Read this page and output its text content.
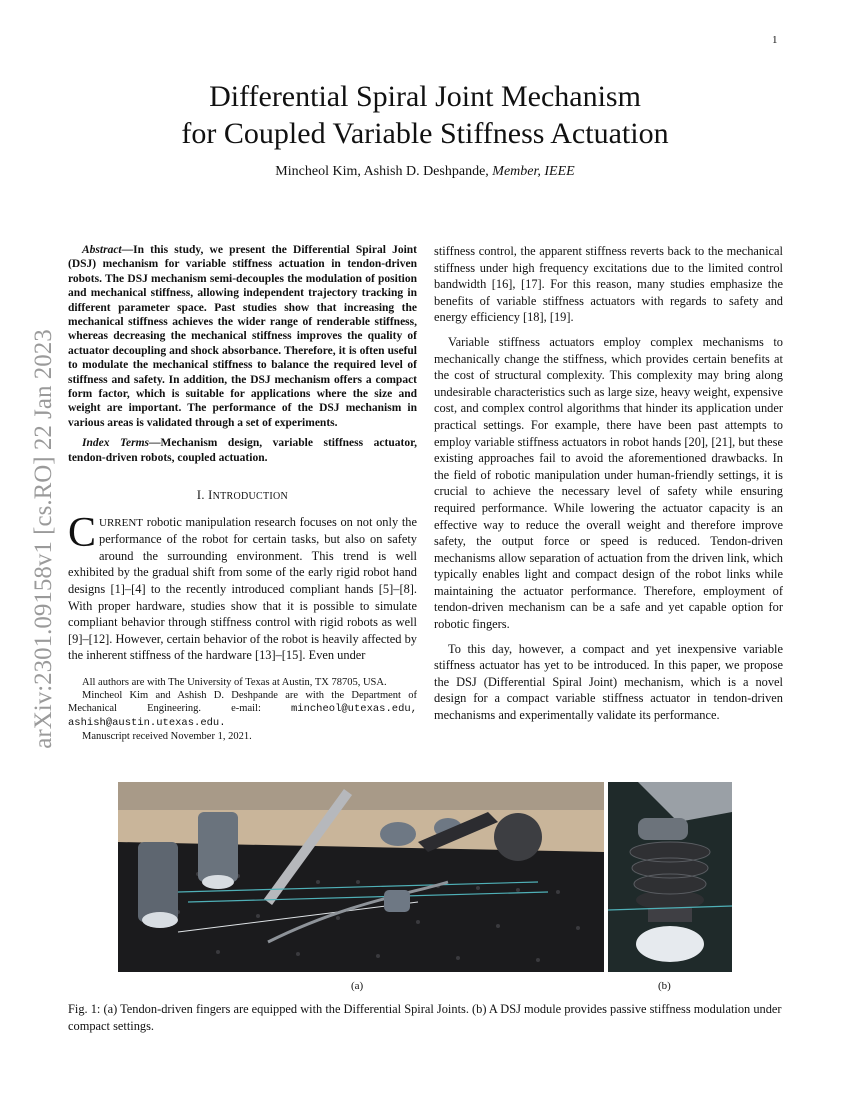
1
arXiv:2301.09158v1 [cs.RO] 22 Jan 2023
Differential Spiral Joint Mechanism
for Coupled Variable Stiffness Actuation
Mincheol Kim, Ashish D. Deshpande, Member, IEEE

Abstract—In this study, we present the Differential Spiral Joint (DSJ) mechanism for variable stiffness actuation in tendon-driven robots. The DSJ mechanism semi-decouples the modulation of position and mechanical stiffness, allowing independent trajectory tracking in different parameter space. Past studies show that increasing the mechanical stiffness achieves the wider range of renderable stiffness, whereas decreasing the mechanical stiffness improves the quality of actuator decoupling and shock absorbance. Therefore, it is often useful to modulate the mechanical stiffness to balance the required level of stiffness and safety. In addition, the DSJ mechanism offers a compact form factor, which is suitable for applications where the size and weight are important. The performance of the DSJ mechanism in various areas is validated through a set of experiments.

Index Terms—Mechanism design, variable stiffness actuator, tendon-driven robots, coupled actuation.

I. INTRODUCTION

CURRENT robotic manipulation research focuses on not only the performance of the robot for certain tasks, but also on safety around the surrounding environment. This trend is well exhibited by the gradual shift from some of the early rigid robot hand designs [1]–[4] to the recently introduced compliant hands [5]–[8]. With proper hardware, studies show that it is possible to simulate compliant behavior through stiffness control with rigid robots as well [9]–[12]. However, certain behavior of the robot is heavily affected by the inherent stiffness of the hardware [13]–[15]. Even under

All authors are with The University of Texas at Austin, TX 78705, USA.

Mincheol Kim and Ashish D. Deshpande are with the Department of Mechanical Engineering. e-mail:	mincheol@utexas.edu, ashish@austin.utexas.edu.

Manuscript received November 1, 2021.

stiffness control, the apparent stiffness reverts back to the mechanical stiffness under high frequency excitations due to the limited control bandwidth [16], [17]. For this reason, many studies emphasize the benefits of variable stiffness actuators with regards to safety and energy efficiency [18], [19].

Variable stiffness actuators employ complex mechanisms to mechanically change the stiffness, which provides certain benefits at the cost of structural complexity. This complexity may bring along undesirable characteristics such as large size, heavy weight, expensive cost, and complex control algorithms that hinder its application under practical settings. For example, there have been past attempts to employ variable stiffness actuators in robot hands [20], [21], but these existing approaches fail to avoid the aforementioned drawbacks. In the field of robotic manipulation under human-friendly settings, it is crucial to achieve the necessary level of safety while ensuring required performance. While lowering the actuator capacity is an effective way to reduce the overall weight and therefore improve safety, the output force or speed is reduced. Tendon-driven mechanisms allow separation of actuation from the driven link, which typically enables light and compact design of the robot links while maintaining the actuator performance. Therefore, employment of tendon-driven mechanism can be a safe and yet capable option for robotic fingers.

To this day, however, a compact and yet inexpensive variable stiffness actuator has yet to be introduced. In this paper, we propose the DSJ (Differential Spiral Joint) mechanism, which is a novel design for a compact variable stiffness actuator in tendon-driven mechanisms and experimentally validate its performance.

(a)	(b)
Fig. 1: (a) Tendon-driven fingers are equipped with the Differential Spiral Joints. (b) A DSJ module provides passive stiffness modulation under compact settings.
